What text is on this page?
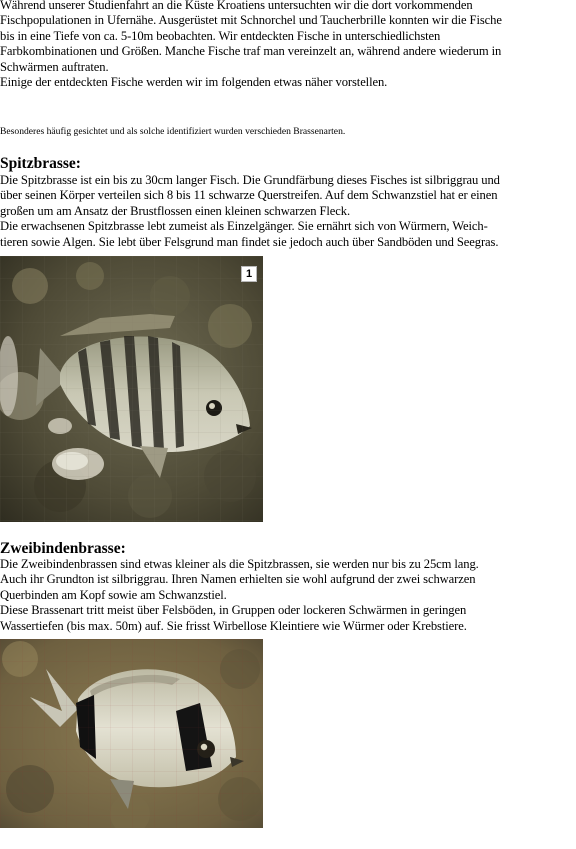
Während unserer Studienfahrt an die Küste Kroatiens untersuchten wir die dort vorkommenden
Fischpopulationen in Ufernähe. Ausgerüstet mit Schnorchel und Taucherbrille konnten wir die Fische
bis in eine Tiefe von ca. 5-10m beobachten. Wir entdeckten Fische in unterschiedlichsten
Farbkombinationen und Größen. Manche Fische traf man vereinzelt an, während andere wiederum in
Schwärmen auftraten.
Einige der entdeckten Fische werden wir im folgenden etwas näher vorstellen.

Besonderes häufig gesichtet und als solche identifiziert wurden verschieden Brassenarten.

Spitzbrasse:
Die Spitzbrasse ist ein bis zu 30cm langer Fisch. Die Grundfärbung dieses Fisches ist silbriggrau und
über seinen Körper verteilen sich 8 bis 11 schwarze Querstreifen. Auf dem Schwanzstiel hat er einen
großen um am Ansatz der Brustflossen einen kleinen schwarzen Fleck.
Die erwachsenen Spitzbrasse lebt zumeist als Einzelgänger. Sie ernährt sich von Würmern, Weich-
tieren sowie Algen. Sie lebt über Felsgrund man findet sie jedoch auch über Sandböden und Seegras.
1
Zweibindenbrasse:
Die Zweibindenbrassen sind etwas kleiner als die Spitzbrassen, sie werden nur bis zu 25cm lang.
Auch ihr Grundton ist silbriggrau. Ihren Namen erhielten sie wohl aufgrund der zwei schwarzen
Querbinden am Kopf sowie am Schwanzstiel.
Diese Brassenart tritt meist über Felsböden, in Gruppen oder lockeren Schwärmen in geringen
Wassertiefen (bis max. 50m) auf. Sie frisst Wirbellose Kleintiere wie Würmer oder Krebstiere.
